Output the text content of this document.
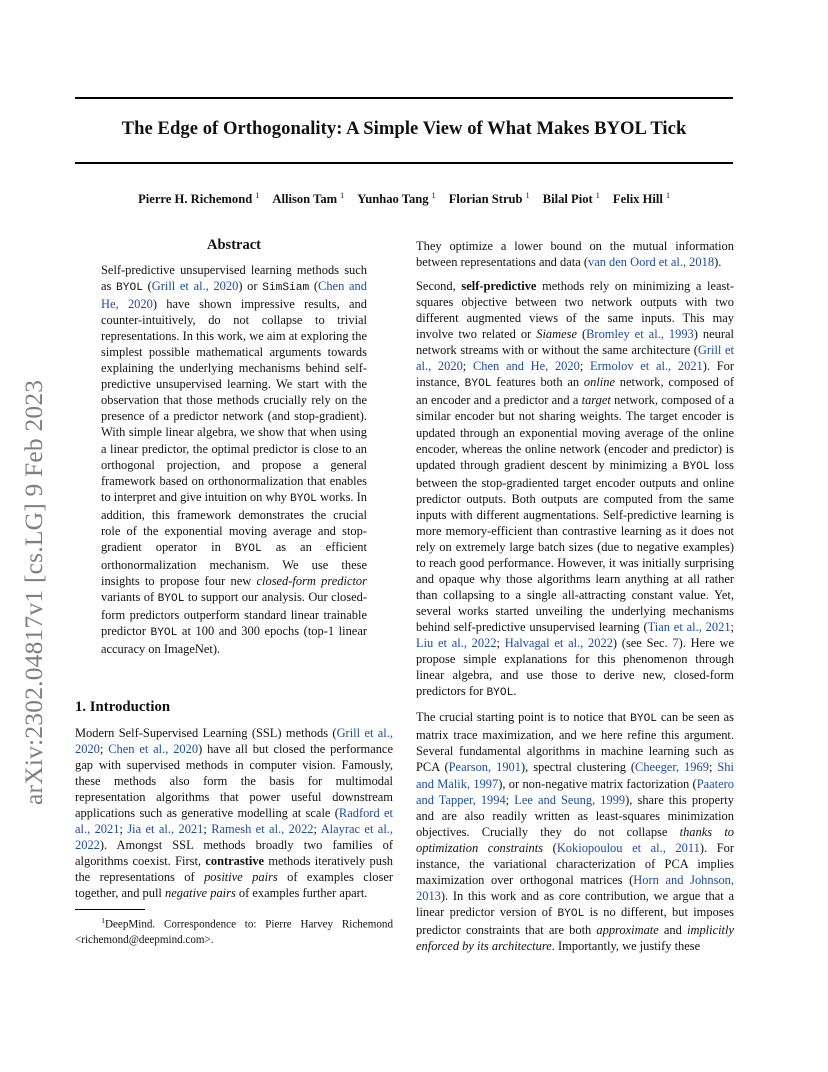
The Edge of Orthogonality: A Simple View of What Makes BYOL Tick
Pierre H. Richemond $^1$ Allison Tam $^1$ Yunhao Tang $^1$ Florian Strub $^1$ Bilal Piot $^1$ Felix Hill $^1$
arXiv:2302.04817v1 [cs.LG] 9 Feb 2023
Abstract

Self-predictive unsupervised learning methods such as BYOL (Grill et al., 2020) or SimSiam (Chen and He, 2020) have shown impressive results, and counter-intuitively, do not collapse to trivial representations. In this work, we aim at exploring the simplest possible mathematical arguments towards explaining the underlying mechanisms behind self-predictive unsupervised learning. We start with the observation that those methods crucially rely on the presence of a predictor network (and stop-gradient). With simple linear algebra, we show that when using a linear predictor, the optimal predictor is close to an orthogonal projection, and propose a general framework based on orthonormalization that enables to interpret and give intuition on why BYOL works. In addition, this framework demonstrates the crucial role of the exponential moving average and stop-gradient operator in BYOL as an efficient orthonormalization mechanism. We use these insights to propose four new closed-form predictor variants of BYOL to support our analysis. Our closed-form predictors outperform standard linear trainable predictor BYOL at 100 and 300 epochs (top-1 linear accuracy on ImageNet).

1. Introduction

Modern Self-Supervised Learning (SSL) methods (Grill et al., 2020; Chen et al., 2020) have all but closed the performance gap with supervised methods in computer vision. Famously, these methods also form the basis for multimodal representation algorithms that power useful downstream applications such as generative modelling at scale (Radford et al., 2021; Jia et al., 2021; Ramesh et al., 2022; Alayrac et al., 2022). Amongst SSL methods broadly two families of algorithms coexist. First, contrastive methods iteratively push the representations of positive pairs of examples closer together, and pull negative pairs of examples further apart.

$^1$DeepMind. Correspondence to: Pierre Harvey Richemond <richemond@deepmind.com>.

They optimize a lower bound on the mutual information between representations and data (van den Oord et al., 2018).

Second, self-predictive methods rely on minimizing a least-squares objective between two network outputs with two different augmented views of the same inputs. This may involve two related or Siamese (Bromley et al., 1993) neural network streams with or without the same architecture (Grill et al., 2020; Chen and He, 2020; Ermolov et al., 2021). For instance, BYOL features both an online network, composed of an encoder and a predictor and a target network, composed of a similar encoder but not sharing weights. The target encoder is updated through an exponential moving average of the online encoder, whereas the online network (encoder and predictor) is updated through gradient descent by minimizing a BYOL loss between the stop-gradiented target encoder outputs and online predictor outputs. Both outputs are computed from the same inputs with different augmentations. Self-predictive learning is more memory-efficient than contrastive learning as it does not rely on extremely large batch sizes (due to negative examples) to reach good performance. However, it was initially surprising and opaque why those algorithms learn anything at all rather than collapsing to a single all-attracting constant value. Yet, several works started unveiling the underlying mechanisms behind self-predictive unsupervised learning (Tian et al., 2021; Liu et al., 2022; Halvagal et al., 2022) (see Sec. 7). Here we propose simple explanations for this phenomenon through linear algebra, and use those to derive new, closed-form predictors for BYOL.

The crucial starting point is to notice that BYOL can be seen as matrix trace maximization, and we here refine this argument. Several fundamental algorithms in machine learning such as PCA (Pearson, 1901), spectral clustering (Cheeger, 1969; Shi and Malik, 1997), or non-negative matrix factorization (Paatero and Tapper, 1994; Lee and Seung, 1999), share this property and are also readily written as least-squares minimization objectives. Crucially they do not collapse thanks to optimization constraints (Kokiopoulou et al., 2011). For instance, the variational characterization of PCA implies maximization over orthogonal matrices (Horn and Johnson, 2013). In this work and as core contribution, we argue that a linear predictor version of BYOL is no different, but imposes predictor constraints that are both approximate and implicitly enforced by its architecture. Importantly, we justify these
